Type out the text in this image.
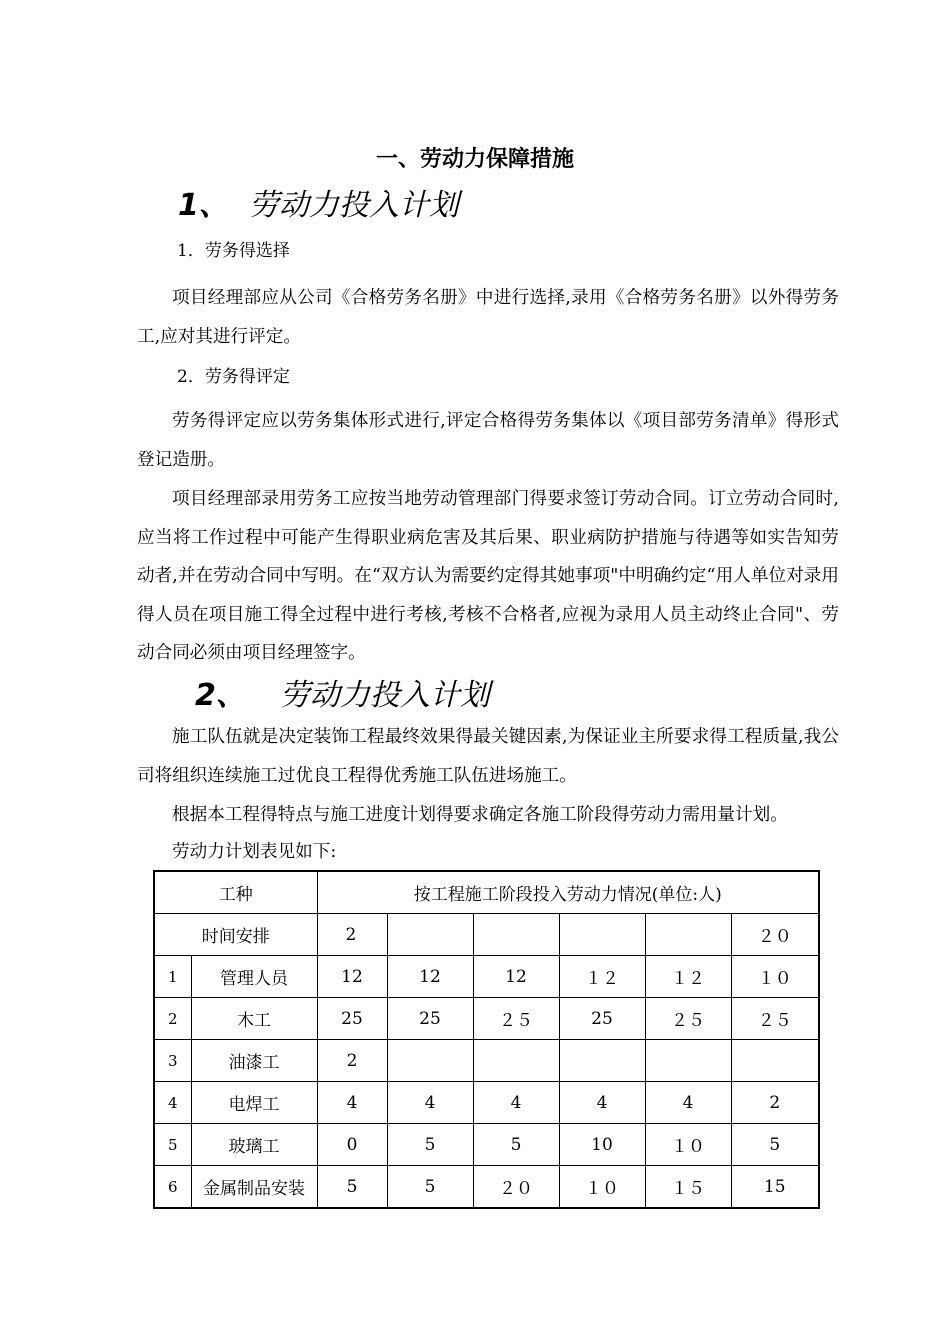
一、劳动力保障措施
1、 劳动力投入计划
1．劳务得选择
项目经理部应从公司《合格劳务名册》中进行选择,录用《合格劳务名册》以外得劳务工,应对其进行评定。
2．劳务得评定
劳务得评定应以劳务集体形式进行,评定合格得劳务集体以《项目部劳务清单》得形式登记造册。
项目经理部录用劳务工应按当地劳动管理部门得要求签订劳动合同。订立劳动合同时,应当将工作过程中可能产生得职业病危害及其后果、职业病防护措施与待遇等如实告知劳动者,并在劳动合同中写明。在“双方认为需要约定得其她事项"中明确约定“用人单位对录用得人员在项目施工得全过程中进行考核,考核不合格者,应视为录用人员主动终止合同"、劳动合同必须由项目经理签字。
2、 劳动力投入计划
施工队伍就是决定装饰工程最终效果得最关键因素,为保证业主所要求得工程质量,我公司将组织连续施工过优良工程得优秀施工队伍进场施工。
根据本工程得特点与施工进度计划得要求确定各施工阶段得劳动力需用量计划。
劳动力计划表见如下:
工种		按工程施工阶段投入劳动力情况(单位:人)					
时间安排		2					２０
1	管理人员	12	12	12	１２	１２	１０
2	木工	25	25	２５	25	２５	２５
3	油漆工	2					
4	电焊工	4	4	4	4	4	2
5	玻璃工	0	5	5	10	１０	5
6	金属制品安装	5	5	２０	１０	１５	15
